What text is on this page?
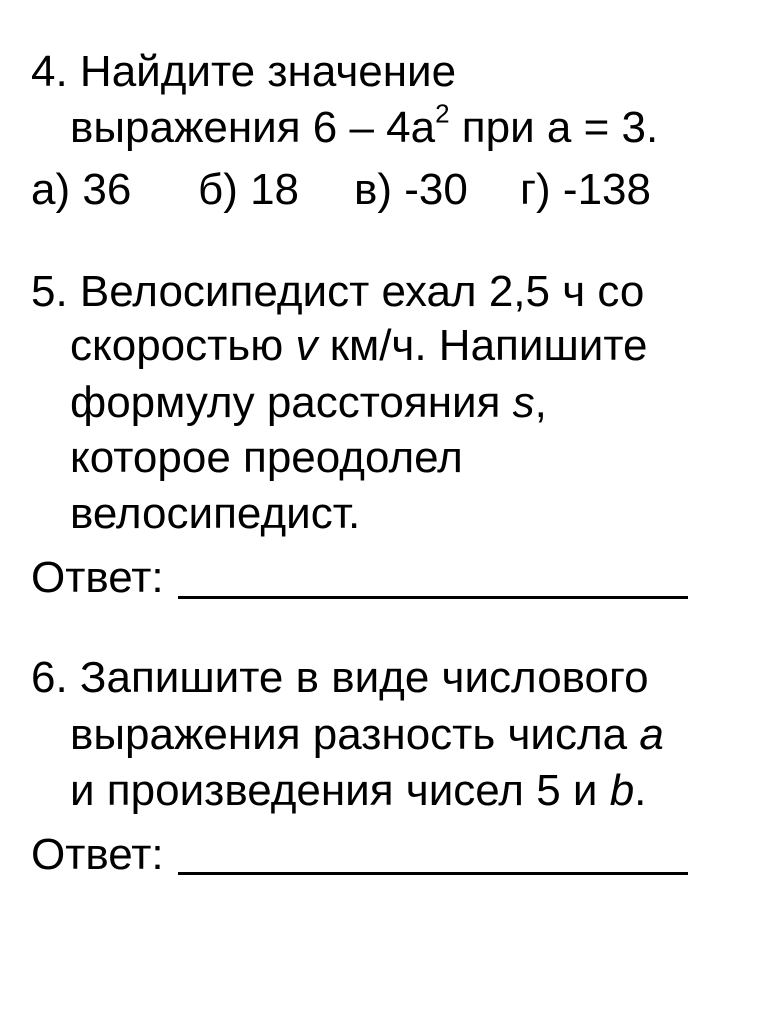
4. Найдите значение
выражения $6 - 4a^2$ при а = 3.
а) 36 б) 18 в) -30 г) -138
5. Велосипедист ехал 2,5 ч со
скоростью v км/ч. Напишите
формулу расстояния s,
которое преодолел
велосипедист.
Ответ:
6. Запишите в виде числового
выражения разность числа a
и произведения чисел 5 и b.
Ответ:
